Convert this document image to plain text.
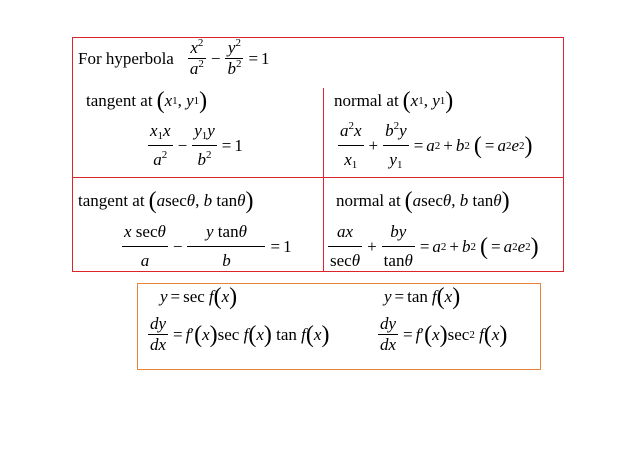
For hyperbola $\frac{x^2}{a^2} - \frac{y^2}{b^2} = 1$
tangent at ( x 1 , y 1 )
$\frac{x_1x}{a^2} - \frac{y_1y}{b^2} = 1$
normal at ( x 1 , y 1 )
$\frac{a^2x}{x_1} + \frac{b^2y}{y_1} = a$ 2 + b 2 ( = a 2 e 2 )
tangent at ( a sec θ , b tan θ )
$\frac{\text{x secθ}}{a} - \frac{\text{y tanθ}}{b} = 1$
normal at ( a sec θ , b tan θ )
$\frac{ax}{\sec\theta} + \frac{by}{\tan\theta} = a$ 2 + b 2 ( = a 2 e 2 )
y = sec f ( x )
$\frac{dy}{dx} = f$ ′ ( x ) sec f ( x ) tan f ( x )
y = tan f ( x )
$\frac{dy}{dx} = f$ ′ ( x ) sec 2
f ( x )
